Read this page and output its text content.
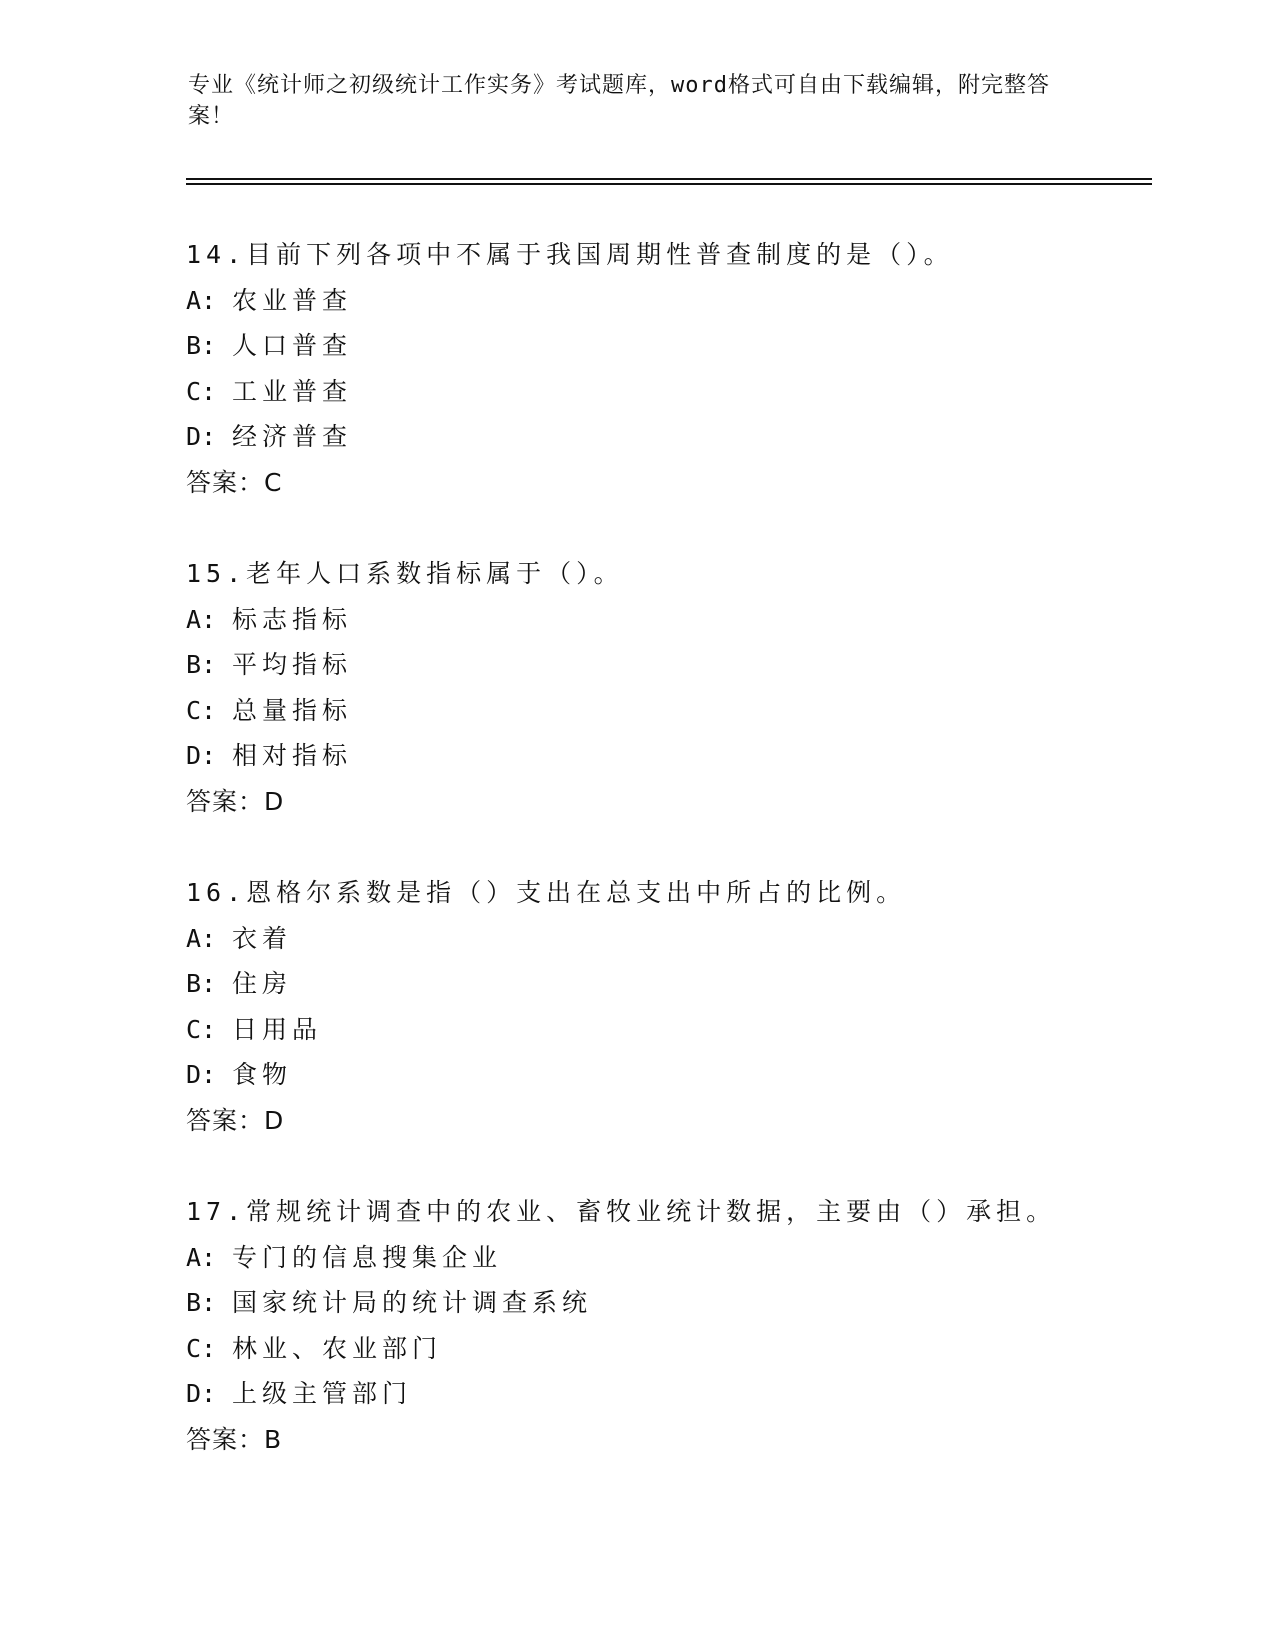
专业《统计师之初级统计工作实务》考试题库，word格式可自由下载编辑，附完整答案！
14.目前下列各项中不属于我国周期性普查制度的是（）。
A: 农业普查
B: 人口普查
C: 工业普查
D: 经济普查
答案：C
15.老年人口系数指标属于（）。
A: 标志指标
B: 平均指标
C: 总量指标
D: 相对指标
答案：D
16.恩格尔系数是指（）支出在总支出中所占的比例。
A: 衣着
B: 住房
C: 日用品
D: 食物
答案：D
17.常规统计调查中的农业、畜牧业统计数据，主要由（）承担。
A: 专门的信息搜集企业
B: 国家统计局的统计调查系统
C: 林业、农业部门
D: 上级主管部门
答案：B
